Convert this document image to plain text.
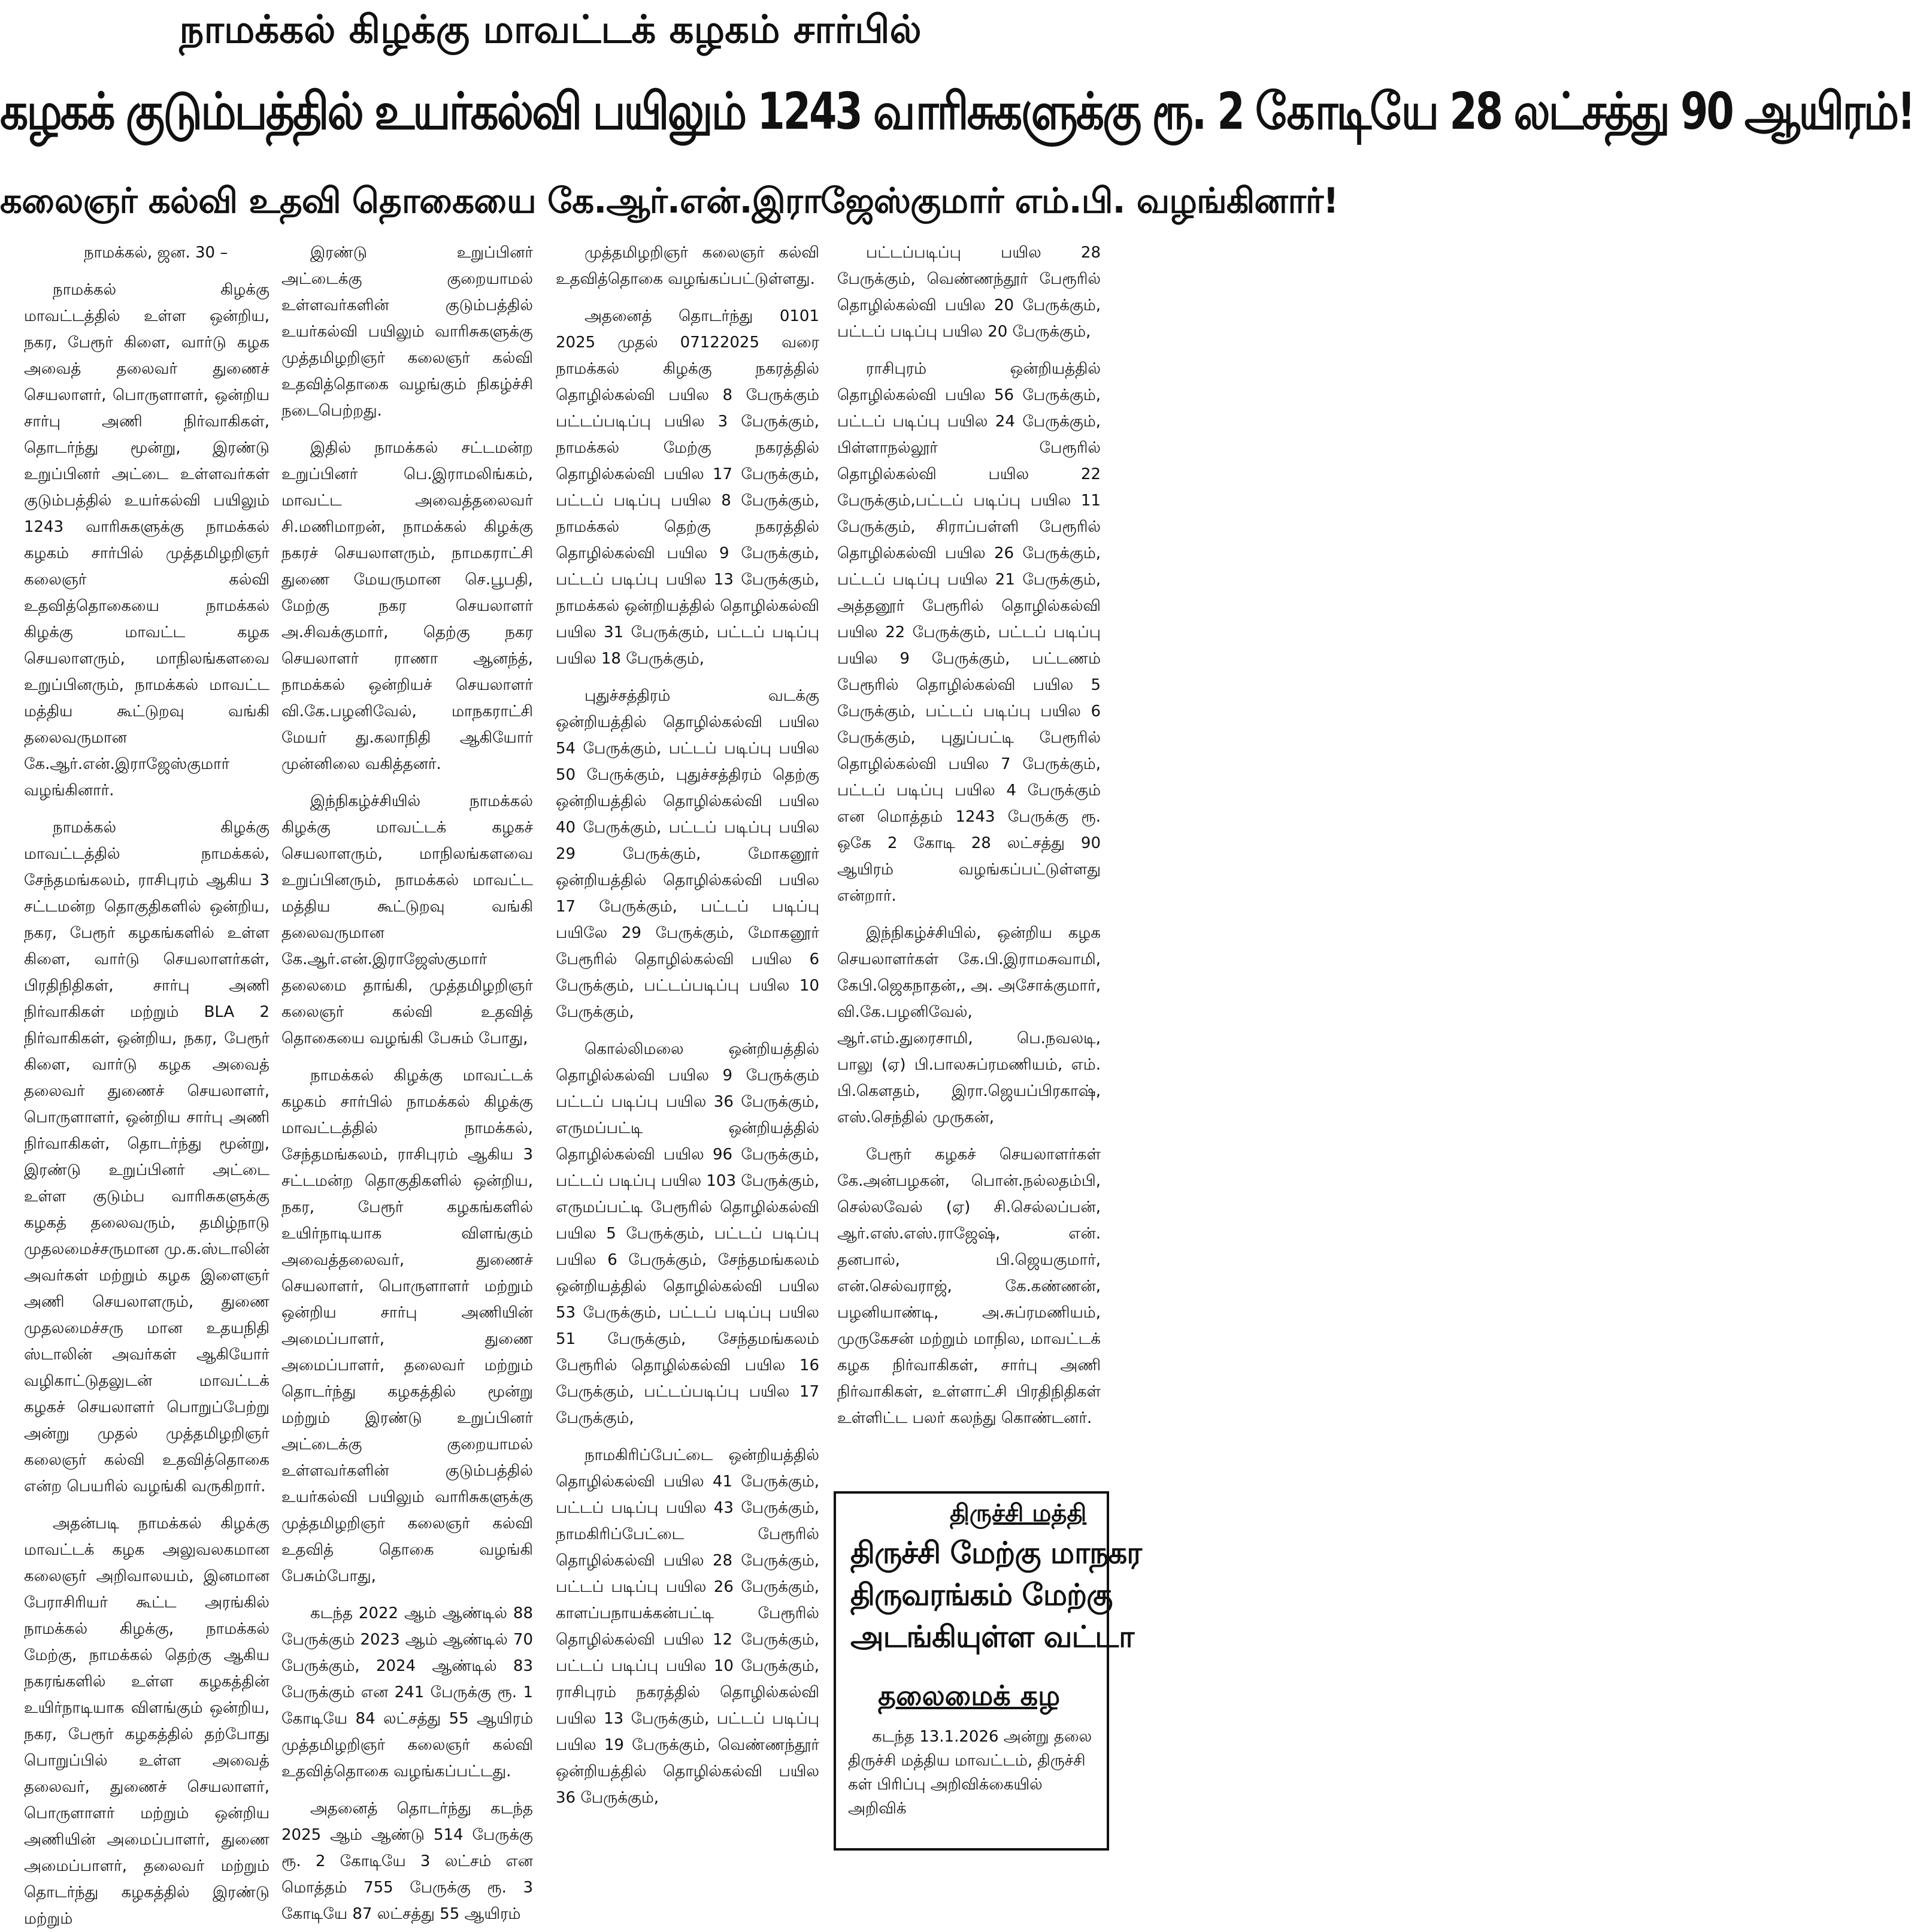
நாமக்கல் கிழக்கு மாவட்டக் கழகம் சார்பில்
கழகக் குடும்பத்தில் உயர்கல்வி பயிலும் 1243 வாரிசுகளுக்கு ரூ. 2 கோடியே 28 லட்சத்து 90 ஆயிரம்!
கலைஞர் கல்வி உதவி தொகையை கே.ஆர்.என்.இராஜேஸ்குமார் எம்.பி. வழங்கினார்!

நாமக்கல், ஜன. 30 –

நாமக்கல் கிழக்கு மாவட்டத்தில் உள்ள ஒன்றிய, நகர, பேரூர் கிளை, வார்டு கழக அவைத் தலைவர் துணைச் செயலாளர், பொருளாளர், ஒன்றிய சார்பு அணி நிர்வாகிகள், தொடர்ந்து மூன்று, இரண்டு உறுப்பினர் அட்டை உள்ளவர்கள் குடும்பத்தில் உயர்கல்வி பயிலும் 1243 வாரிசுகளுக்கு நாமக்கல் கழகம் சார்பில் முத்தமிழறிஞர் கலைஞர் கல்வி உதவித்தொகையை நாமக்கல் கிழக்கு மாவட்ட கழக செயலாளரும், மாநிலங்களவை உறுப்பினரும், நாமக்கல் மாவட்ட மத்திய கூட்டுறவு வங்கி தலைவருமான கே.ஆர்.என்.இராஜேஸ்குமார் வழங்கினார்.

நாமக்கல் கிழக்கு மாவட்டத்தில் நாமக்கல், சேந்தமங்கலம், ராசிபுரம் ஆகிய 3 சட்டமன்ற தொகுதிகளில் ஒன்றிய, நகர, பேரூர் கழகங்களில் உள்ள கிளை, வார்டு செயலாளர்கள், பிரதிநிதிகள், சார்பு அணி நிர்வாகிகள் மற்றும் BLA 2 நிர்வாகிகள், ஒன்றிய, நகர, பேரூர் கிளை, வார்டு கழக அவைத் தலைவர் துணைச் செயலாளர், பொருளாளர், ஒன்றிய சார்பு அணி நிர்வாகிகள், தொடர்ந்து மூன்று, இரண்டு உறுப்பினர் அட்டை உள்ள குடும்ப வாரிசுகளுக்கு கழகத் தலைவரும், தமிழ்நாடு முதலமைச்சருமான மு.க.ஸ்டாலின் அவர்கள் மற்றும் கழக இளைஞர் அணி செயலாளரும், துணை முதலமைச்சரு மான உதயநிதி ஸ்டாலின் அவர்கள் ஆகியோர் வழிகாட்டுதலுடன் மாவட்டக் கழகச் செயலாளர் பொறுப்பேற்று அன்று முதல் முத்தமிழறிஞர் கலைஞர் கல்வி உதவித்தொகை என்ற பெயரில் வழங்கி வருகிறார்.

அதன்படி நாமக்கல் கிழக்கு மாவட்டக் கழக அலுவலகமான கலைஞர் அறிவாலயம், இனமான பேராசிரியர் கூட்ட அரங்கில் நாமக்கல் கிழக்கு, நாமக்கல் மேற்கு, நாமக்கல் தெற்கு ஆகிய நகரங்களில் உள்ள கழகத்தின் உயிர்நாடியாக விளங்கும் ஒன்றிய, நகர, பேரூர் கழகத்தில் தற்போது பொறுப்பில் உள்ள அவைத் தலைவர், துணைச் செயலாளர், பொருளாளர் மற்றும் ஒன்றிய அணியின் அமைப்பாளர், துணை அமைப்பாளர், தலைவர் மற்றும் தொடர்ந்து கழகத்தில் இரண்டு மற்றும்

இரண்டு உறுப்பினர் அட்டைக்கு குறையாமல் உள்ளவர்களின் குடும்பத்தில் உயர்கல்வி பயிலும் வாரிசுகளுக்கு முத்தமிழறிஞர் கலைஞர் கல்வி உதவித்தொகை வழங்கும் நிகழ்ச்சி நடைபெற்றது.

இதில் நாமக்கல் சட்டமன்ற உறுப்பினர் பெ.இராமலிங்கம், மாவட்ட அவைத்தலைவர் சி.மணிமாறன், நாமக்கல் கிழக்கு நகரச் செயலாளரும், நாமகராட்சி துணை மேயருமான செ.பூபதி, மேற்கு நகர செயலாளர் அ.சிவக்குமார், தெற்கு நகர செயலாளர் ராணா ஆனந்த், நாமக்கல் ஒன்றியச் செயலாளர் வி.கே.பழனிவேல், மாநகராட்சி மேயர் து.கலாநிதி ஆகியோர் முன்னிலை வகித்தனர்.

இந்நிகழ்ச்சியில் நாமக்கல் கிழக்கு மாவட்டக் கழகச் செயலாளரும், மாநிலங்களவை உறுப்பினரும், நாமக்கல் மாவட்ட மத்திய கூட்டுறவு வங்கி தலைவருமான கே.ஆர்.என்.இராஜேஸ்குமார் தலைமை தாங்கி, முத்தமிழறிஞர் கலைஞர் கல்வி உதவித் தொகையை வழங்கி பேசும் போது,

நாமக்கல் கிழக்கு மாவட்டக் கழகம் சார்பில் நாமக்கல் கிழக்கு மாவட்டத்தில் நாமக்கல், சேந்தமங்கலம், ராசிபுரம் ஆகிய 3 சட்டமன்ற தொகுதிகளில் ஒன்றிய, நகர, பேரூர் கழகங்களில் உயிர்நாடியாக விளங்கும் அவைத்தலைவர், துணைச் செயலாளர், பொருளாளர் மற்றும் ஒன்றிய சார்பு அணியின் அமைப்பாளர், துணை அமைப்பாளர், தலைவர் மற்றும் தொடர்ந்து கழகத்தில் மூன்று மற்றும் இரண்டு உறுப்பினர் அட்டைக்கு குறையாமல் உள்ளவர்களின் குடும்பத்தில் உயர்கல்வி பயிலும் வாரிசுகளுக்கு முத்தமிழறிஞர் கலைஞர் கல்வி உதவித் தொகை வழங்கி பேசும்போது,

கடந்த 2022 ஆம் ஆண்டில் 88 பேருக்கும் 2023 ஆம் ஆண்டில் 70 பேருக்கும், 2024 ஆண்டில் 83 பேருக்கும் என 241 பேருக்கு ரூ. 1 கோடியே 84 லட்சத்து 55 ஆயிரம் முத்தமிழறிஞர் கலைஞர் கல்வி உதவித்தொகை வழங்கப்பட்டது.

அதனைத் தொடர்ந்து கடந்த 2025 ஆம் ஆண்டு 514 பேருக்கு ரூ. 2 கோடியே 3 லட்சம் என மொத்தம் 755 பேருக்கு ரூ. 3 கோடியே 87 லட்சத்து 55 ஆயிரம்

முத்தமிழறிஞர் கலைஞர் கல்வி உதவித்தொகை வழங்கப்பட்டுள்ளது.

அதனைத் தொடர்ந்து 0101 2025 முதல் 07122025 வரை நாமக்கல் கிழக்கு நகரத்தில் தொழில்கல்வி பயில 8 பேருக்கும் பட்டப்படிப்பு பயில 3 பேருக்கும், நாமக்கல் மேற்கு நகரத்தில் தொழில்கல்வி பயில 17 பேருக்கும், பட்டப் படிப்பு பயில 8 பேருக்கும், நாமக்கல் தெற்கு நகரத்தில் தொழில்கல்வி பயில 9 பேருக்கும், பட்டப் படிப்பு பயில 13 பேருக்கும், நாமக்கல் ஒன்றியத்தில் தொழில்கல்வி பயில 31 பேருக்கும், பட்டப் படிப்பு பயில 18 பேருக்கும்,

புதுச்சத்திரம் வடக்கு ஒன்றியத்தில் தொழில்கல்வி பயில 54 பேருக்கும், பட்டப் படிப்பு பயில 50 பேருக்கும், புதுச்சத்திரம் தெற்கு ஒன்றியத்தில் தொழில்கல்வி பயில 40 பேருக்கும், பட்டப் படிப்பு பயில 29 பேருக்கும், மோகனூர் ஒன்றியத்தில் தொழில்கல்வி பயில 17 பேருக்கும், பட்டப் படிப்பு பயிலே 29 பேருக்கும், மோகனூர் பேரூரில் தொழில்கல்வி பயில 6 பேருக்கும், பட்டப்படிப்பு பயில 10 பேருக்கும்,

கொல்லிமலை ஒன்றியத்தில் தொழில்கல்வி பயில 9 பேருக்கும் பட்டப் படிப்பு பயில 36 பேருக்கும், எருமப்பட்டி ஒன்றியத்தில் தொழில்கல்வி பயில 96 பேருக்கும், பட்டப் படிப்பு பயில 103 பேருக்கும், எருமப்பட்டி பேரூரில் தொழில்கல்வி பயில 5 பேருக்கும், பட்டப் படிப்பு பயில 6 பேருக்கும், சேந்தமங்கலம் ஒன்றியத்தில் தொழில்கல்வி பயில 53 பேருக்கும், பட்டப் படிப்பு பயில 51 பேருக்கும், சேந்தமங்கலம் பேரூரில் தொழில்கல்வி பயில 16 பேருக்கும், பட்டப்படிப்பு பயில 17 பேருக்கும்,

நாமகிரிப்பேட்டை ஒன்றியத்தில் தொழில்கல்வி பயில 41 பேருக்கும், பட்டப் படிப்பு பயில 43 பேருக்கும், நாமகிரிப்பேட்டை பேரூரில் தொழில்கல்வி பயில 28 பேருக்கும், பட்டப் படிப்பு பயில 26 பேருக்கும், காளப்பநாயக்கன்பட்டி பேரூரில் தொழில்கல்வி பயில 12 பேருக்கும், பட்டப் படிப்பு பயில 10 பேருக்கும், ராசிபுரம் நகரத்தில் தொழில்கல்வி பயில 13 பேருக்கும், பட்டப் படிப்பு பயில 19 பேருக்கும், வெண்ணந்தூர் ஒன்றியத்தில் தொழில்கல்வி பயில 36 பேருக்கும்,

பட்டப்படிப்பு பயில 28 பேருக்கும், வெண்ணந்தூர் பேரூரில் தொழில்கல்வி பயில 20 பேருக்கும், பட்டப் படிப்பு பயில 20 பேருக்கும்,

ராசிபுரம் ஒன்றியத்தில் தொழில்கல்வி பயில 56 பேருக்கும், பட்டப் படிப்பு பயில 24 பேருக்கும், பிள்ளாநல்லூர் பேரூரில் தொழில்கல்வி பயில 22 பேருக்கும்,பட்டப் படிப்பு பயில 11 பேருக்கும், சிராப்பள்ளி பேரூரில் தொழில்கல்வி பயில 26 பேருக்கும், பட்டப் படிப்பு பயில 21 பேருக்கும், அத்தனூர் பேரூரில் தொழில்கல்வி பயில 22 பேருக்கும், பட்டப் படிப்பு பயில 9 பேருக்கும், பட்டணம் பேரூரில் தொழில்கல்வி பயில 5 பேருக்கும், பட்டப் படிப்பு பயில 6 பேருக்கும், புதுப்பட்டி பேரூரில் தொழில்கல்வி பயில 7 பேருக்கும், பட்டப் படிப்பு பயில 4 பேருக்கும் என மொத்தம் 1243 பேருக்கு ரூ. ஒகே 2 கோடி 28 லட்சத்து 90 ஆயிரம் வழங்கப்பட்டுள்ளது என்றார்.

இந்நிகழ்ச்சியில், ஒன்றிய கழக செயலாளர்கள் கே.பி.இராமசுவாமி, கேபி.ஜெகநாதன்,, அ. அசோக்குமார், வி.கே.பழனிவேல், ஆர்.எம்.துரைசாமி, பெ.நவலடி, பாலு (ஏ) பி.பாலசுப்ரமணியம், எம். பி.கௌதம், இரா.ஜெயப்பிரகாஷ், எஸ்.செந்தில் முருகன்,

பேரூர் கழகச் செயலாளர்கள் கே.அன்பழகன், பொன்.நல்லதம்பி, செல்லவேல் (ஏ) சி.செல்லப்பன், ஆர்.எஸ்.எஸ்.ராஜேஷ், என். தனபால், பி.ஜெயகுமார், என்.செல்வராஜ், கே.கண்ணன், பழனியாண்டி, அ.சுப்ரமணியம், முருகேசன் மற்றும் மாநில, மாவட்டக் கழக நிர்வாகிகள், சார்பு அணி நிர்வாகிகள், உள்ளாட்சி பிரதிநிதிகள் உள்ளிட்ட பலர் கலந்து கொண்டனர்.

திருச்சி மத்தி
திருச்சி மேற்கு மாநகர
திருவரங்கம் மேற்கு
அடங்கியுள்ள வட்டா
தலைமைக் கழ
கடந்த 13.1.2026 அன்று தலை திருச்சி மத்திய மாவட்டம், திருச்சி கள் பிரிப்பு அறிவிக்கையில் அறிவிக்
